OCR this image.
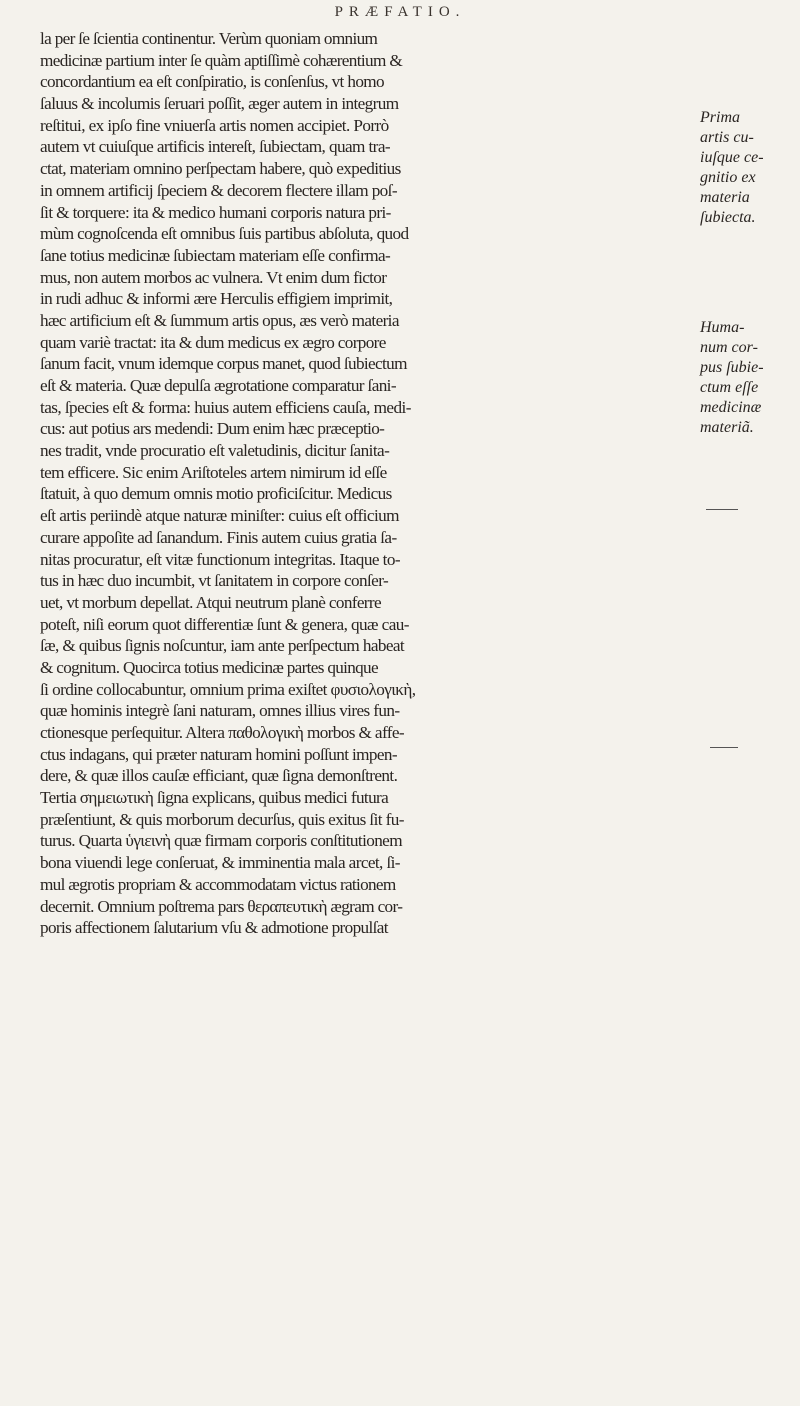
PRÆFATIO.
la per ſe ſcientia continentur. Verùm quoniam omnium
medicinæ partium inter ſe quàm aptiſſimè cohærentium &
concordantium ea eſt conſpiratio, is conſenſus, vt homo
ſaluus & incolumis ſeruari poſſit, æger autem in integrum
reſtitui, ex ipſo fine vniuerſa artis nomen accipiet. Porrò
autem vt cuiuſque artificis intereſt, ſubiectam, quam tra-
ctat, materiam omnino perſpectam habere, quò expeditius
in omnem artificij ſpeciem & decorem flectere illam poſ-
ſit & torquere: ita & medico humani corporis natura pri-
mùm cognoſcenda eſt omnibus ſuis partibus abſoluta, quod
ſane totius medicinæ ſubiectam materiam eſſe confirma-
mus, non autem morbos ac vulnera. Vt enim dum fictor
in rudi adhuc & informi ære Herculis effigiem imprimit,
hæc artificium eſt & ſummum artis opus, æs verò materia
quam variè tractat: ita & dum medicus ex ægro corpore
ſanum facit, vnum idemque corpus manet, quod ſubiectum
eſt & materia. Quæ depulſa ægrotatione comparatur ſani-
tas, ſpecies eſt & forma: huius autem efficiens cauſa, medi-
cus: aut potius ars medendi: Dum enim hæc præceptio-
nes tradit, vnde procuratio eſt valetudinis, dicitur ſanita-
tem efficere. Sic enim Ariſtoteles artem nimirum id eſſe
ſtatuit, à quo demum omnis motio proficiſcitur. Medicus
eſt artis periindè atque naturæ miniſter: cuius eſt officium
curare appoſite ad ſanandum. Finis autem cuius gratia ſa-
nitas procuratur, eſt vitæ functionum integritas. Itaque to-
tus in hæc duo incumbit, vt ſanitatem in corpore conſer-
uet, vt morbum depellat. Atqui neutrum planè conferre
poteſt, niſi eorum quot differentiæ ſunt & genera, quæ cau-
ſæ, & quibus ſignis noſcuntur, iam ante perſpectum habeat
& cognitum. Quocirca totius medicinæ partes quinque
ſi ordine collocabuntur, omnium prima exiſtet φυσιολογικὴ,
quæ hominis integrè ſani naturam, omnes illius vires fun-
ctionesque perſequitur. Altera παθολογικὴ morbos & affe-
ctus indagans, qui præter naturam homini poſſunt impen-
dere, & quæ illos cauſæ efficiant, quæ ſigna demonſtrent.
Tertia σημειωτικὴ ſigna explicans, quibus medici futura
præſentiunt, & quis morborum decurſus, quis exitus ſit fu-
turus. Quarta ὑγιεινὴ quæ firmam corporis conſtitutionem
bona viuendi lege conſeruat, & imminentia mala arcet, ſi-
mul ægrotis propriam & accommodatam victus rationem
decernit. Omnium poſtrema pars θεραπευτικὴ ægram cor-
poris affectionem ſalutarium vſu & admotione propulſat
Prima
artis cu-
iuſque ce-
gnitio ex
materia
ſubiecta.
Huma-
num cor-
pus ſubie-
ctum eſſe
medicinæ
materiã.
